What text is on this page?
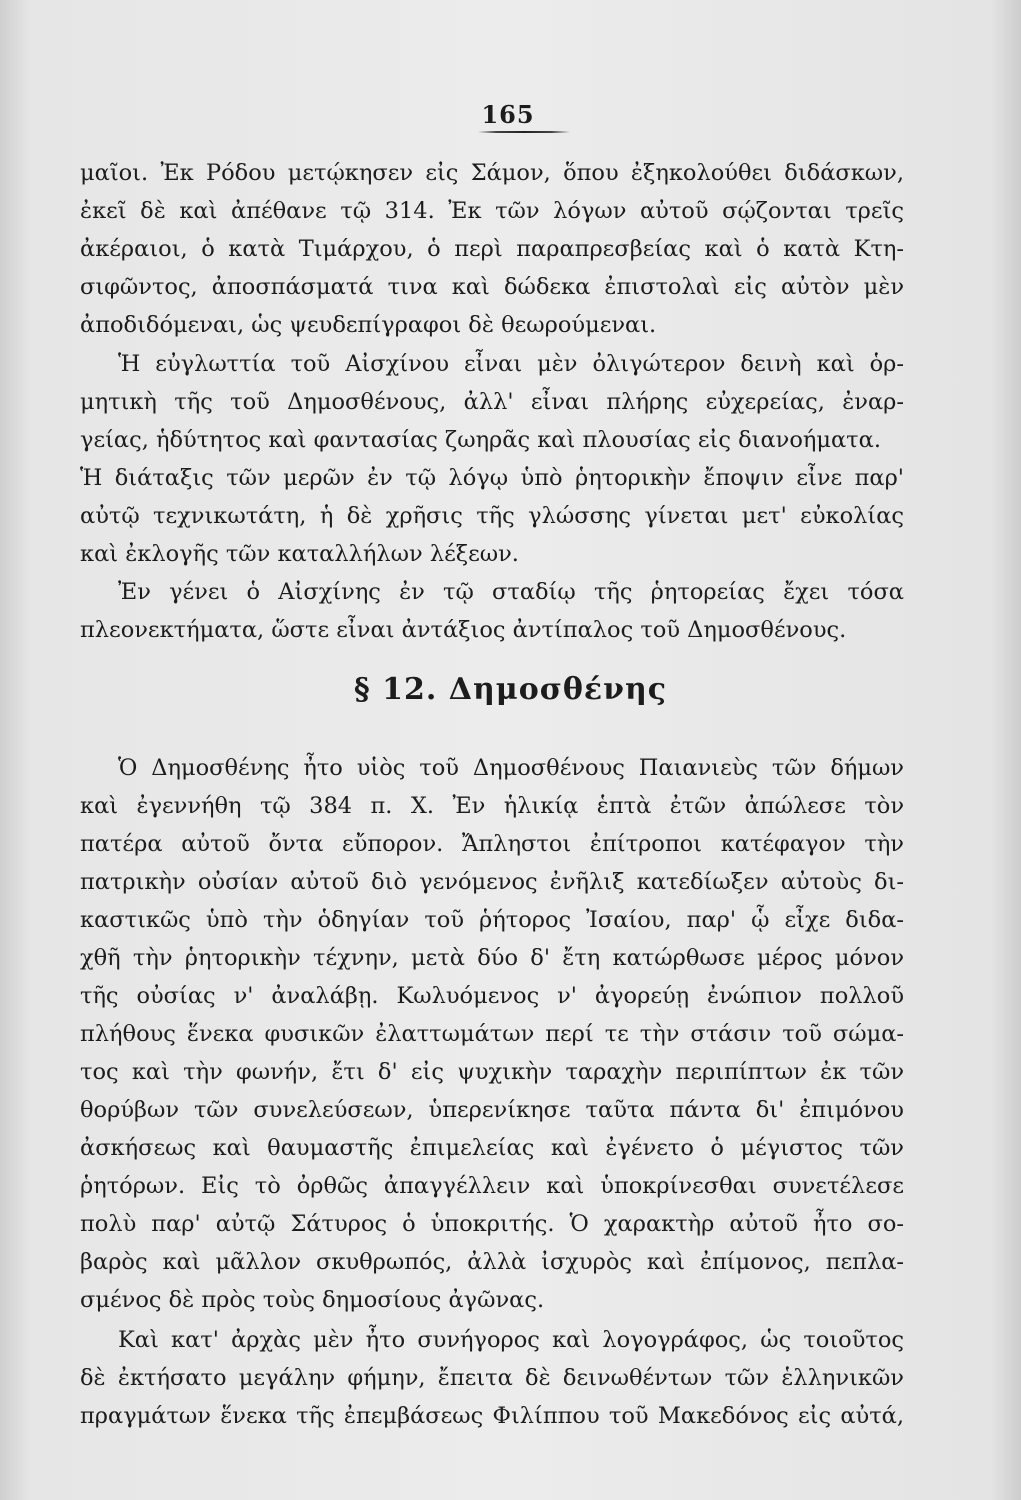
165
μαῖοι. Ἐκ Ρόδου μετῴκησεν εἰς Σάμον, ὅπου ἐξηκολούθει διδάσκων,
ἐκεῖ δὲ καὶ ἀπέθανε τῷ 314. Ἐκ τῶν λόγων αὐτοῦ σῴζονται τρεῖς
ἀκέραιοι, ὁ κατὰ Τιμάρχου, ὁ περὶ παραπρεσβείας καὶ ὁ κατὰ Κτη-
σιφῶντος, ἀποσπάσματά τινα καὶ δώδεκα ἐπιστολαὶ εἰς αὐτὸν μὲν
ἀποδιδόμεναι, ὡς ψευδεπίγραφοι δὲ θεωρούμεναι.
Ἡ εὐγλωττία τοῦ Αἰσχίνου εἶναι μὲν ὀλιγώτερον δεινὴ καὶ ὁρ-
μητικὴ τῆς τοῦ Δημοσθένους, ἀλλ' εἶναι πλήρης εὐχερείας, ἐναρ-
γείας, ἡδύτητος καὶ φαντασίας ζωηρᾶς καὶ πλουσίας εἰς διανοήματα.
Ἡ διάταξις τῶν μερῶν ἐν τῷ λόγῳ ὑπὸ ῥητορικὴν ἔποψιν εἶνε παρ'
αὐτῷ τεχνικωτάτη, ἡ δὲ χρῆσις τῆς γλώσσης γίνεται μετ' εὐκολίας
καὶ ἐκλογῆς τῶν καταλλήλων λέξεων.
Ἐν γένει ὁ Αἰσχίνης ἐν τῷ σταδίῳ τῆς ῥητορείας ἔχει τόσα
πλεονεκτήματα, ὥστε εἶναι ἀντάξιος ἀντίπαλος τοῦ Δημοσθένους.
§ 12. Δημοσθένης
Ὁ Δημοσθένης ἦτο υἱὸς τοῦ Δημοσθένους Παιανιεὺς τῶν δήμων
καὶ ἐγεννήθη τῷ 384 π. Χ. Ἐν ἡλικίᾳ ἑπτὰ ἐτῶν ἀπώλεσε τὸν
πατέρα αὐτοῦ ὄντα εὔπορον. Ἄπληστοι ἐπίτροποι κατέφαγον τὴν
πατρικὴν οὐσίαν αὐτοῦ διὸ γενόμενος ἐνῆλιξ κατεδίωξεν αὐτοὺς δι-
καστικῶς ὑπὸ τὴν ὁδηγίαν τοῦ ῥήτορος Ἰσαίου, παρ' ᾧ εἶχε διδα-
χθῆ τὴν ῥητορικὴν τέχνην, μετὰ δύο δ' ἔτη κατώρθωσε μέρος μόνον
τῆς οὐσίας ν' ἀναλάβῃ. Κωλυόμενος ν' ἀγορεύῃ ἐνώπιον πολλοῦ
πλήθους ἕνεκα φυσικῶν ἐλαττωμάτων περί τε τὴν στάσιν τοῦ σώμα-
τος καὶ τὴν φωνήν, ἔτι δ' εἰς ψυχικὴν ταραχὴν περιπίπτων ἐκ τῶν
θορύβων τῶν συνελεύσεων, ὑπερενίκησε ταῦτα πάντα δι' ἐπιμόνου
ἀσκήσεως καὶ θαυμαστῆς ἐπιμελείας καὶ ἐγένετο ὁ μέγιστος τῶν
ῥητόρων. Εἰς τὸ ὀρθῶς ἀπαγγέλλειν καὶ ὑποκρίνεσθαι συνετέλεσε
πολὺ παρ' αὐτῷ Σάτυρος ὁ ὑποκριτής. Ὁ χαρακτὴρ αὐτοῦ ἦτο σο-
βαρὸς καὶ μᾶλλον σκυθρωπός, ἀλλὰ ἰσχυρὸς καὶ ἐπίμονος, πεπλα-
σμένος δὲ πρὸς τοὺς δημοσίους ἀγῶνας.
Καὶ κατ' ἀρχὰς μὲν ἦτο συνήγορος καὶ λογογράφος, ὡς τοιοῦτος
δὲ ἐκτήσατο μεγάλην φήμην, ἔπειτα δὲ δεινωθέντων τῶν ἑλληνικῶν
πραγμάτων ἕνεκα τῆς ἐπεμβάσεως Φιλίππου τοῦ Μακεδόνος εἰς αὐτά,
